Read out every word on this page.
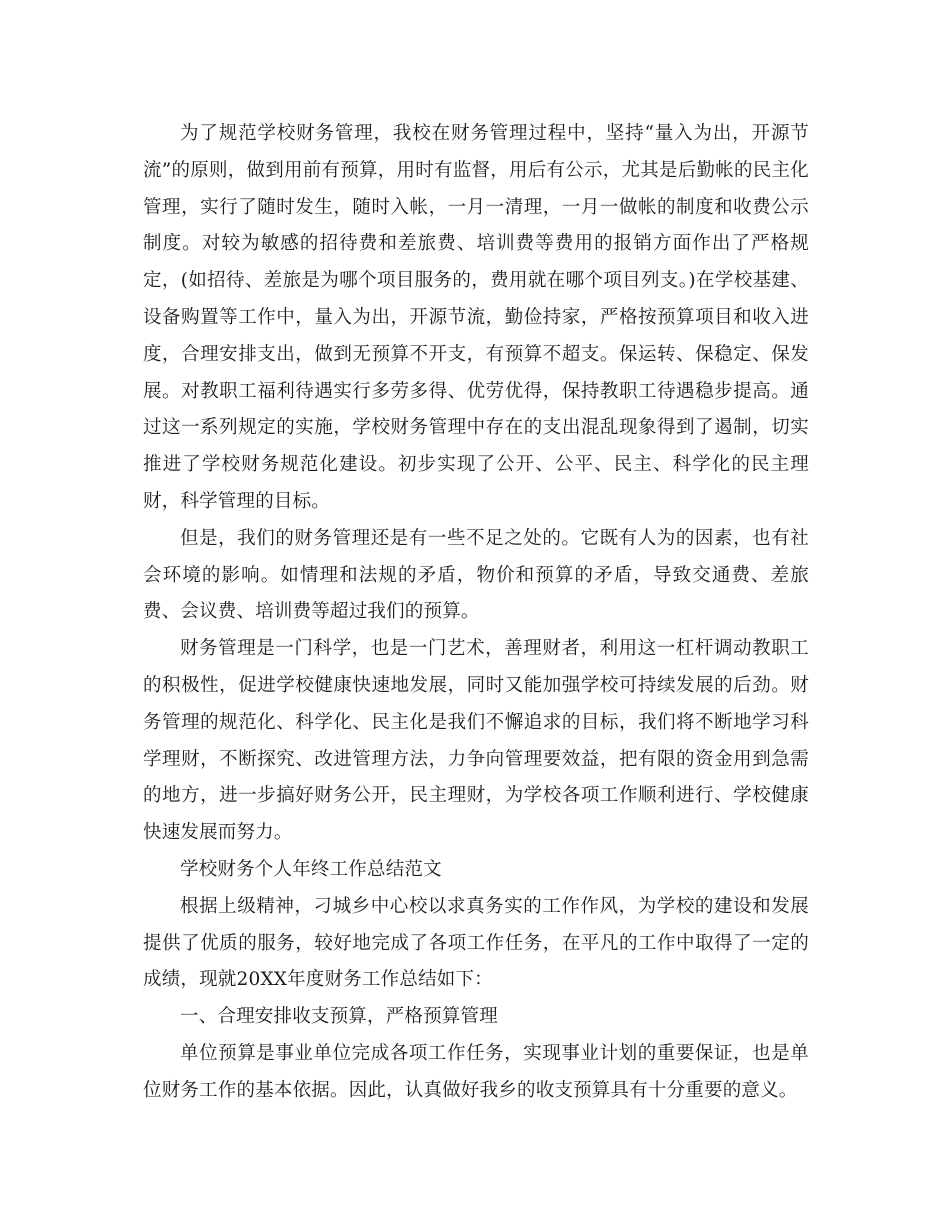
为了规范学校财务管理，我校在财务管理过程中，坚持“量入为出，开源节流”的原则，做到用前有预算，用时有监督，用后有公示，尤其是后勤帐的民主化管理，实行了随时发生，随时入帐，一月一清理，一月一做帐的制度和收费公示制度。对较为敏感的招待费和差旅费、培训费等费用的报销方面作出了严格规定，(如招待、差旅是为哪个项目服务的，费用就在哪个项目列支。)在学校基建、设备购置等工作中，量入为出，开源节流，勤俭持家，严格按预算项目和收入进度，合理安排支出，做到无预算不开支，有预算不超支。保运转、保稳定、保发展。对教职工福利待遇实行多劳多得、优劳优得，保持教职工待遇稳步提高。通过这一系列规定的实施，学校财务管理中存在的支出混乱现象得到了遏制，切实推进了学校财务规范化建设。初步实现了公开、公平、民主、科学化的民主理财，科学管理的目标。

但是，我们的财务管理还是有一些不足之处的。它既有人为的因素，也有社会环境的影响。如情理和法规的矛盾，物价和预算的矛盾，导致交通费、差旅费、会议费、培训费等超过我们的预算。

财务管理是一门科学，也是一门艺术，善理财者，利用这一杠杆调动教职工的积极性，促进学校健康快速地发展，同时又能加强学校可持续发展的后劲。财务管理的规范化、科学化、民主化是我们不懈追求的目标，我们将不断地学习科学理财，不断探究、改进管理方法，力争向管理要效益，把有限的资金用到急需的地方，进一步搞好财务公开，民主理财，为学校各项工作顺利进行、学校健康快速发展而努力。

学校财务个人年终工作总结范文

根据上级精神，刁城乡中心校以求真务实的工作作风，为学校的建设和发展提供了优质的服务，较好地完成了各项工作任务，在平凡的工作中取得了一定的成绩，现就20XX年度财务工作总结如下：

一、合理安排收支预算，严格预算管理

单位预算是事业单位完成各项工作任务，实现事业计划的重要保证，也是单位财务工作的基本依据。因此，认真做好我乡的收支预算具有十分重要的意义。
